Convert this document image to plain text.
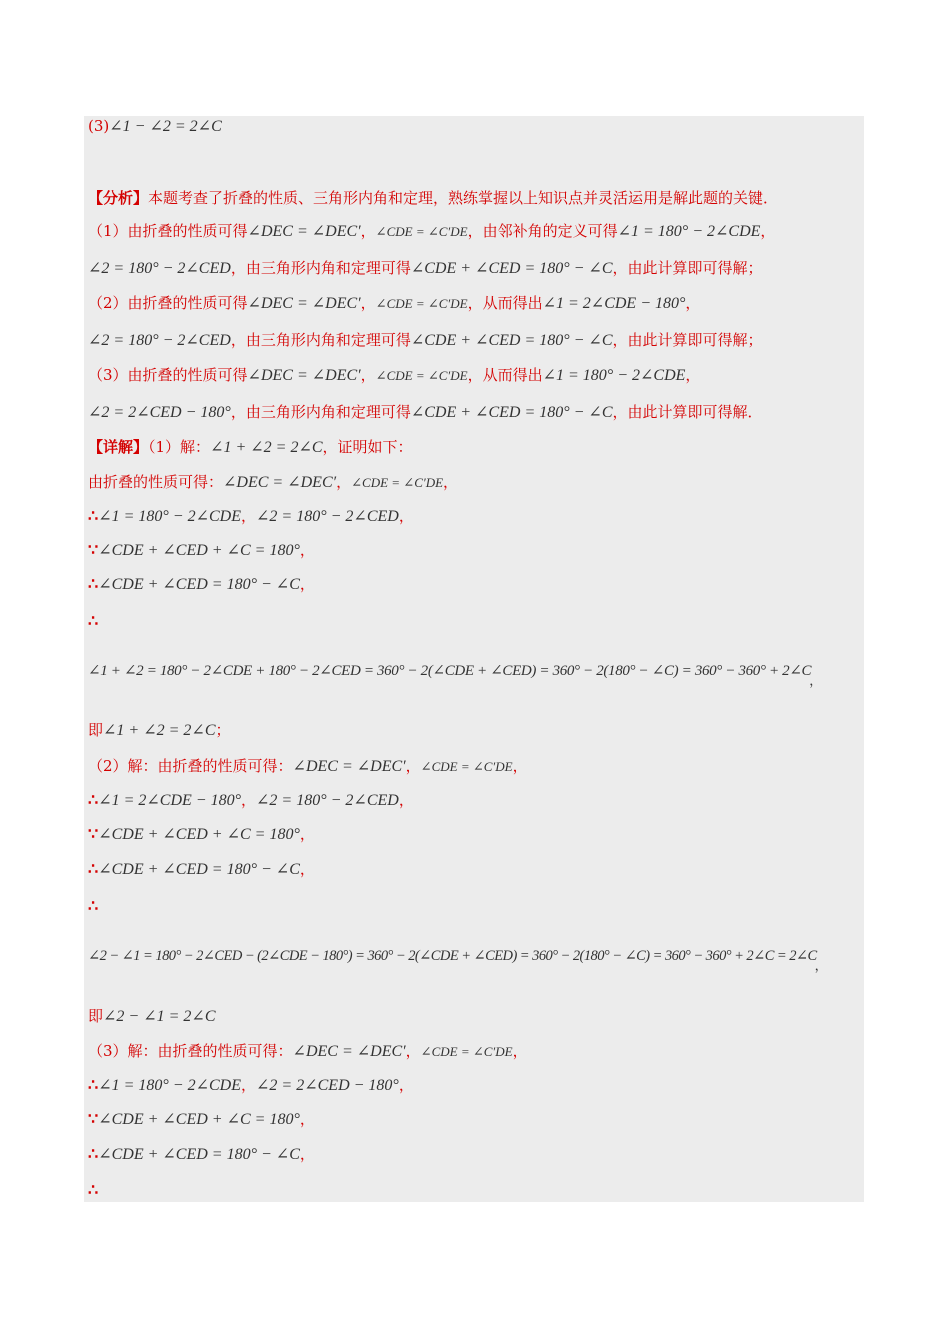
(3)∠1 − ∠2 = 2∠C
【分析】本题考查了折叠的性质、三角形内角和定理，熟练掌握以上知识点并灵活运用是解此题的关键．
（1）由折叠的性质可得∠DEC = ∠DEC′，∠CDE = ∠C′DE，由邻补角的定义可得∠1 = 180° − 2∠CDE，
∠2 = 180° − 2∠CED，由三角形内角和定理可得∠CDE + ∠CED = 180° − ∠C，由此计算即可得解；
（2）由折叠的性质可得∠DEC = ∠DEC′，∠CDE = ∠C′DE，从而得出∠1 = 2∠CDE − 180°，
∠2 = 180° − 2∠CED，由三角形内角和定理可得∠CDE + ∠CED = 180° − ∠C，由此计算即可得解；
（3）由折叠的性质可得∠DEC = ∠DEC′，∠CDE = ∠C′DE，从而得出∠1 = 180° − 2∠CDE，
∠2 = 2∠CED − 180°，由三角形内角和定理可得∠CDE + ∠CED = 180° − ∠C，由此计算即可得解．
【详解】（1）解：∠1 + ∠2 = 2∠C，证明如下：
由折叠的性质可得：∠DEC = ∠DEC′，∠CDE = ∠C′DE，
∴∠1 = 180° − 2∠CDE，∠2 = 180° − 2∠CED，
∵∠CDE + ∠CED + ∠C = 180°，
∴∠CDE + ∠CED = 180° − ∠C，
∴
∠1 + ∠2 = 180° − 2∠CDE + 180° − 2∠CED = 360° − 2(∠CDE + ∠CED) = 360° − 2(180° − ∠C) = 360° − 360° + 2∠C，
即∠1 + ∠2 = 2∠C；
（2）解：由折叠的性质可得：∠DEC = ∠DEC′，∠CDE = ∠C′DE，
∴∠1 = 2∠CDE − 180°，∠2 = 180° − 2∠CED，
∵∠CDE + ∠CED + ∠C = 180°，
∴∠CDE + ∠CED = 180° − ∠C，
∴
∠2 − ∠1 = 180° − 2∠CED − (2∠CDE − 180°) = 360° − 2(∠CDE + ∠CED) = 360° − 2(180° − ∠C) = 360° − 360° + 2∠C = 2∠C，
即∠2 − ∠1 = 2∠C
（3）解：由折叠的性质可得：∠DEC = ∠DEC′，∠CDE = ∠C′DE，
∴∠1 = 180° − 2∠CDE，∠2 = 2∠CED − 180°，
∵∠CDE + ∠CED + ∠C = 180°，
∴∠CDE + ∠CED = 180° − ∠C，
∴
